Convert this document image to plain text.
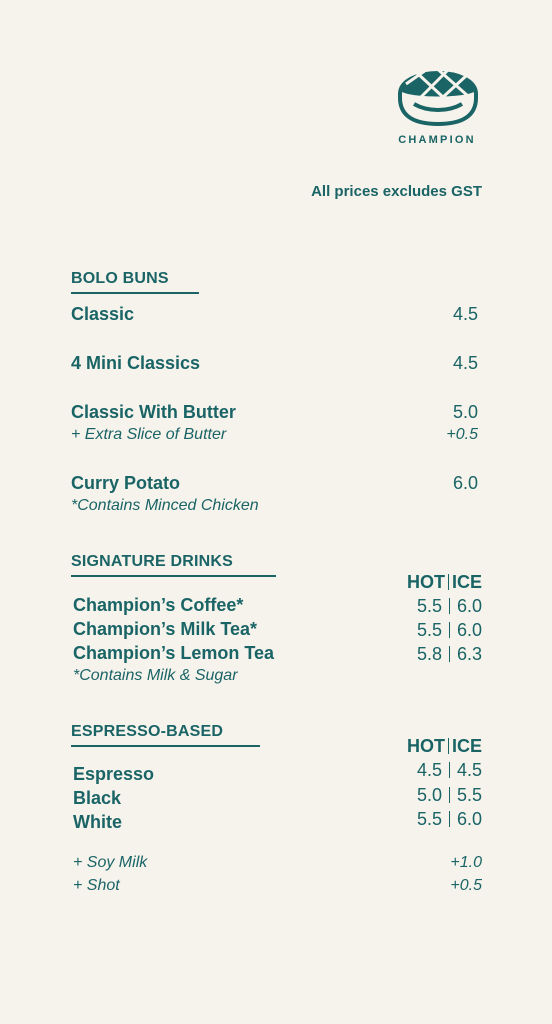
CHAMPION
All prices excludes GST
BOLO BUNS
Classic	4.5
4 Mini Classics	4.5
Classic With Butter	5.0
+ Extra Slice of Butter	+0.5
Curry Potato	6.0
*Contains Minced Chicken
SIGNATURE DRINKS
HOT ICE
Champion’s Coffee*	5.5 6.0
Champion’s Milk Tea*	5.5 6.0
Champion’s Lemon Tea	5.8 6.3
*Contains Milk & Sugar
ESPRESSO-BASED
HOT ICE
Espresso	4.5 4.5
Black	5.0 5.5
White	5.5 6.0
+ Soy Milk	+1.0
+ Shot	+0.5
